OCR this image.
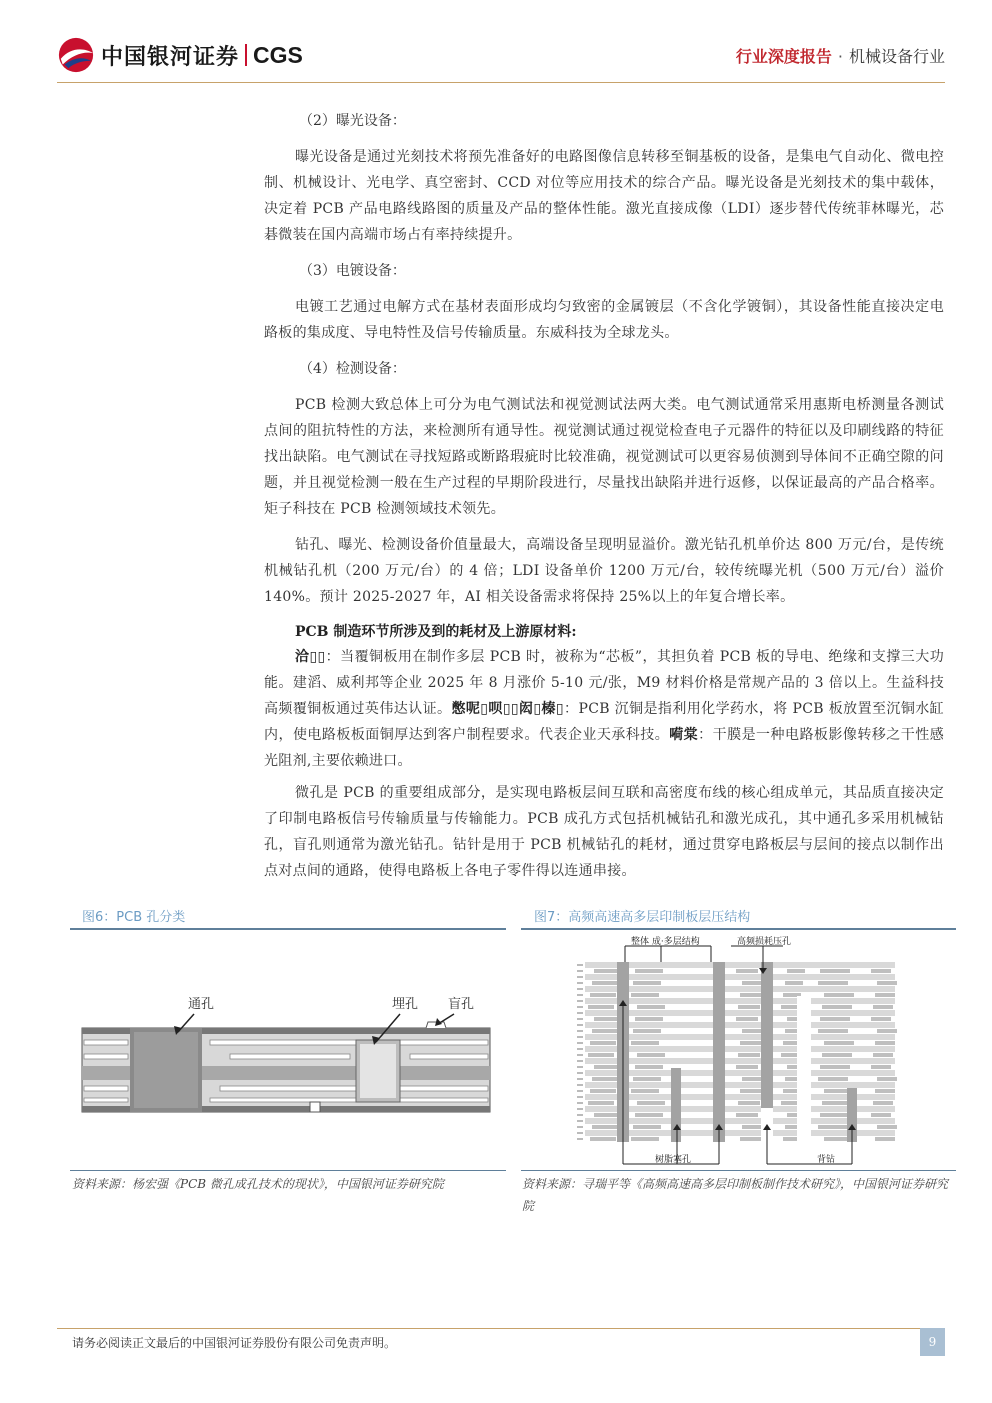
中国银河证券 CGS	行业深度报告 · 机械设备行业

（2）曝光设备：

曝光设备是通过光刻技术将预先准备好的电路图像信息转移至铜基板的设备，是集电气自动化、微电控制、机械设计、光电学、真空密封、CCD 对位等应用技术的综合产品。曝光设备是光刻技术的集中载体，决定着 PCB 产品电路线路图的质量及产品的整体性能。激光直接成像（LDI）逐步替代传统菲林曝光，芯碁微装在国内高端市场占有率持续提升。

（3）电镀设备：

电镀工艺通过电解方式在基材表面形成均匀致密的金属镀层（不含化学镀铜），其设备性能直接决定电路板的集成度、导电特性及信号传输质量。东威科技为全球龙头。

（4）检测设备：

PCB 检测大致总体上可分为电气测试法和视觉测试法两大类。电气测试通常采用惠斯电桥测量各测试点间的阻抗特性的方法，来检测所有通导性。视觉测试通过视觉检查电子元器件的特征以及印刷线路的特征找出缺陷。电气测试在寻找短路或断路瑕疵时比较准确，视觉测试可以更容易侦测到导体间不正确空隙的问题，并且视觉检测一般在生产过程的早期阶段进行，尽量找出缺陷并进行返修，以保证最高的产品合格率。矩子科技在 PCB 检测领域技术领先。

钻孔、曝光、检测设备价值量最大，高端设备呈现明显溢价。激光钻孔机单价达 800 万元/台，是传统机械钻孔机（200 万元/台）的 4 倍；LDI 设备单价 1200 万元/台，较传统曝光机（500 万元/台）溢价 140%。预计 2025-2027 年，AI 相关设备需求将保持 25%以上的年复合增长率。

PCB 制造环节所涉及到的耗材及上游原材料:

洽▯▯：当覆铜板用在制作多层 PCB 时，被称为“芯板”，其担负着 PCB 板的导电、绝缘和支撑三大功能。建滔、威利邦等企业 2025 年 8 月涨价 5-10 元/张，M9 材料价格是常规产品的 3 倍以上。生益科技高频覆铜板通过英伟达认证。憋呢▯呗▯▯闳▯榛▯：PCB 沉铜是指利用化学药水，将 PCB 板放置至沉铜水缸内，使电路板板面铜厚达到客户制程要求。代表企业天承科技。嗬棠：干膜是一种电路板影像转移之干性感光阻剂,主要依赖进口。

微孔是 PCB 的重要组成部分，是实现电路板层间互联和高密度布线的核心组成单元，其品质直接决定了印制电路板信号传输质量与传输能力。PCB 成孔方式包括机械钻孔和激光成孔，其中通孔多采用机械钻孔，盲孔则通常为激光钻孔。钻针是用于 PCB 机械钻孔的耗材，通过贯穿电路板层与层间的接点以制作出点对点间的通路，使得电路板上各电子零件得以连通串接。

图6：PCB 孔分类
通孔	埋孔 盲孔
资料来源：杨宏强《PCB 微孔成孔技术的现状》，中国银河证券研究院
图7：高频高速高多层印制板层压结构
整体 成·多层结构	高频损耗压孔
树脂塞孔	背钻
资料来源：寻瑞平等《高频高速高多层印制板制作技术研究》，中国银河证券研究院
请务必阅读正文最后的中国银河证券股份有限公司免责声明。	9
